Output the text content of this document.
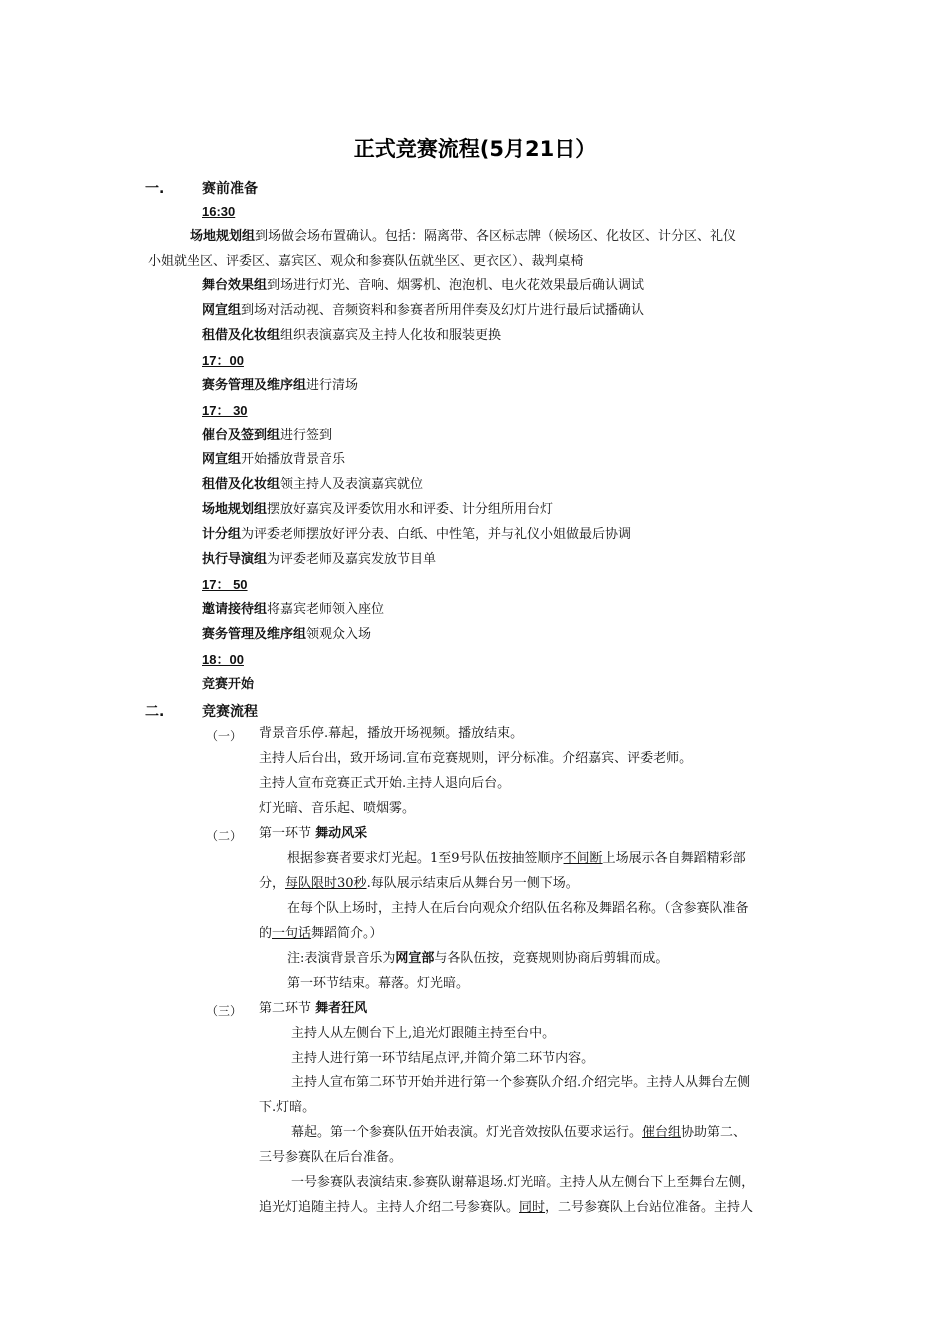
正式竞赛流程(5月21日）
一.	赛前准备
16:30
场地规划组到场做会场布置确认。包括：隔离带、各区标志牌（候场区、化妆区、计分区、礼仪
小姐就坐区、评委区、嘉宾区、观众和参赛队伍就坐区、更衣区）、裁判桌椅
舞台效果组到场进行灯光、音响、烟雾机、泡泡机、电火花效果最后确认调试
网宣组到场对活动视、音频资料和参赛者所用伴奏及幻灯片进行最后试播确认
租借及化妆组组织表演嘉宾及主持人化妆和服装更换
17：00
赛务管理及维序组进行清场
17： 30
催台及签到组进行签到
网宣组开始播放背景音乐
租借及化妆组领主持人及表演嘉宾就位
场地规划组摆放好嘉宾及评委饮用水和评委、计分组所用台灯
计分组为评委老师摆放好评分表、白纸、中性笔，并与礼仪小姐做最后协调
执行导演组为评委老师及嘉宾发放节目单
17： 50
邀请接待组将嘉宾老师领入座位
赛务管理及维序组领观众入场
18：00
竞赛开始
二.	竞赛流程
（一） 背景音乐停.幕起，播放开场视频。播放结束。
主持人后台出，致开场词.宣布竞赛规则，评分标准。介绍嘉宾、评委老师。
主持人宣布竞赛正式开始.主持人退向后台。
灯光暗、音乐起、喷烟雾。
（二） 第一环节 舞动风采
根据参赛者要求灯光起。1至9号队伍按抽签顺序不间断上场展示各自舞蹈精彩部
分，每队限时30秒.每队展示结束后从舞台另一侧下场。
在每个队上场时，主持人在后台向观众介绍队伍名称及舞蹈名称。（含参赛队准备
的一句话舞蹈简介。）
注:表演背景音乐为网宣部与各队伍按，竞赛规则协商后剪辑而成。
第一环节结束。幕落。灯光暗。
（三） 第二环节 舞者狂风
主持人从左侧台下上,追光灯跟随主持至台中。
主持人进行第一环节结尾点评,并简介第二环节内容。
主持人宣布第二环节开始并进行第一个参赛队介绍.介绍完毕。主持人从舞台左侧
下.灯暗。
幕起。第一个参赛队伍开始表演。灯光音效按队伍要求运行。催台组协助第二、
三号参赛队在后台准备。
一号参赛队表演结束.参赛队谢幕退场.灯光暗。主持人从左侧台下上至舞台左侧，
追光灯追随主持人。主持人介绍二号参赛队。同时，二号参赛队上台站位准备。主持人
